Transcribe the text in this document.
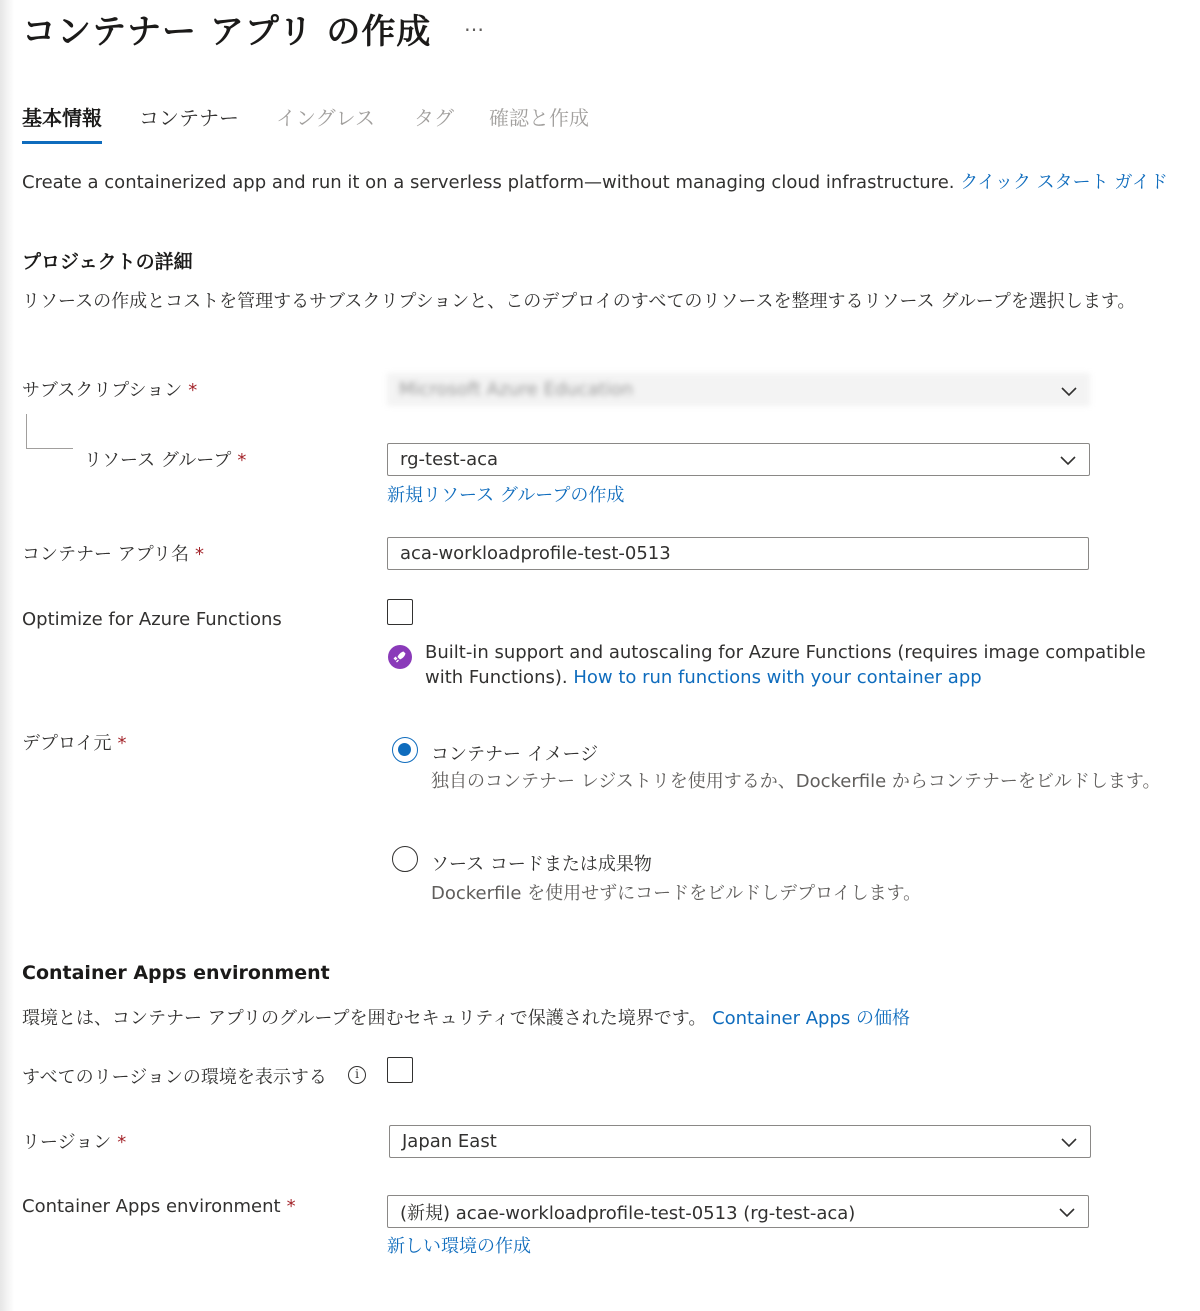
コンテナー アプリ の作成 …
基本情報 コンテナー イングレス タグ 確認と作成
Create a containerized app and run it on a serverless platform—without managing cloud infrastructure. クイック スタート ガイド
プロジェクトの詳細
リソースの作成とコストを管理するサブスクリプションと、このデプロイのすべてのリソースを整理するリソース グループを選択します。
サブスクリプション *	Microsoft Azure Education
リソース グループ *	rg-test-aca
新規リソース グループの作成
コンテナー アプリ名 *	aca-workloadprofile-test-0513
Optimize for Azure Functions
Built-in support and autoscaling for Azure Functions (requires image compatible with Functions). How to run functions with your container app
デプロイ元 *
コンテナー イメージ
独自のコンテナー レジストリを使用するか、Dockerfile からコンテナーをビルドします。
ソース コードまたは成果物
Dockerfile を使用せずにコードをビルドしデプロイします。
Container Apps environment
環境とは、コンテナー アプリのグループを囲むセキュリティで保護された境界です。 Container Apps の価格
すべてのリージョンの環境を表示する	i
リージョン *	Japan East
Container Apps environment *	(新規) acae-workloadprofile-test-0513 (rg-test-aca)
新しい環境の作成
